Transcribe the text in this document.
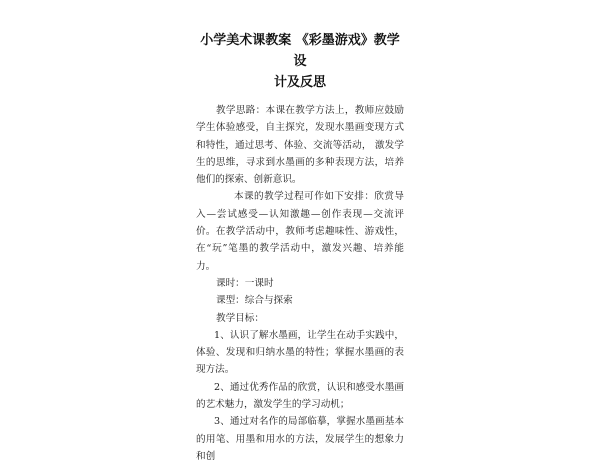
小学美术课教案 《彩墨游戏》教学设
计及反思

教学思路：本课在教学方法上，教师应鼓励学生体验感受，自主探究，发现水墨画变现方式和特性，通过思考、体验、交流等活动， 激发学生的思维，寻求到水墨画的多种表现方法，培养他们的探索、创新意识。

本课的教学过程可作如下安排：欣赏导入—尝试感受—认知激趣—创作表现—交流评价。在教学活动中，教师考虑趣味性、游戏性，在“玩”笔墨的教学活动中，激发兴趣、培养能力。

课时：一课时

课型：综合与探索

教学目标：

1、认识了解水墨画，让学生在动手实践中，体验、发现和归纳水墨的特性；掌握水墨画的表现方法。

2、通过优秀作品的欣赏，认识和感受水墨画的艺术魅力，激发学生的学习动机；

3、通过对名作的局部临摹，掌握水墨画基本的用笔、用墨和用水的方法，发展学生的想象力和创
